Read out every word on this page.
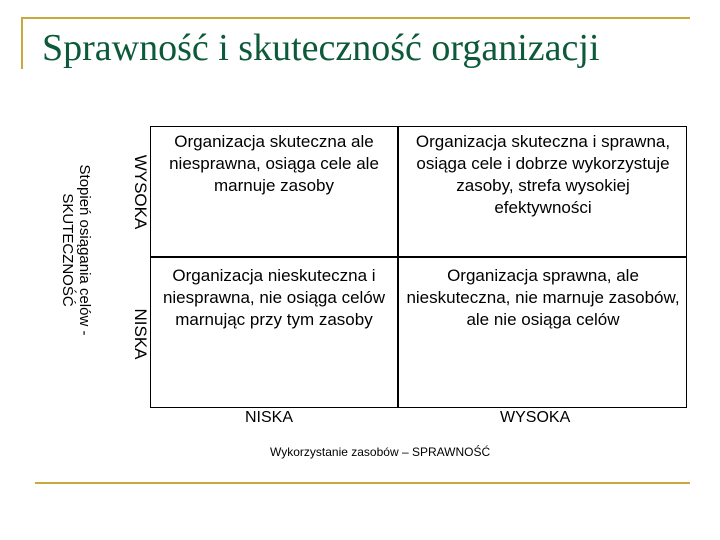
Sprawność i skuteczność organizacji
Organizacja skuteczna ale niesprawna, osiąga cele ale marnuje zasoby
Organizacja skuteczna i sprawna, osiąga cele i dobrze wykorzystuje zasoby, strefa wysokiej efektywności
Organizacja nieskuteczna i niesprawna, nie osiąga celów marnując przy tym zasoby
Organizacja sprawna, ale nieskuteczna, nie marnuje zasobów, ale nie osiąga celów
WYSOKA
NISKA
Stopień osiągania celów -
SKUTECZNOŚĆ
NISKA	WYSOKA
Wykorzystanie zasobów – SPRAWNOŚĆ
